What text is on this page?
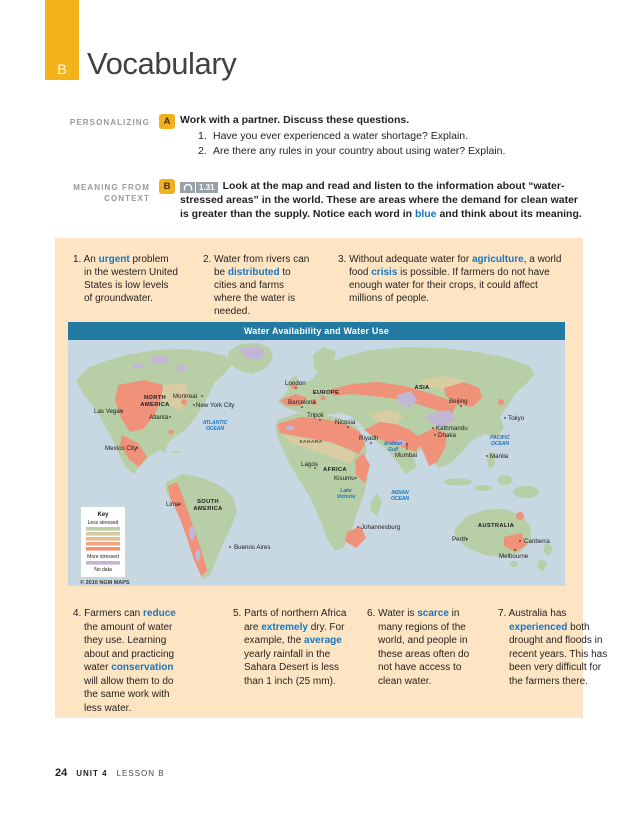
B Vocabulary
PERSONALIZING	A Work with a partner. Discuss these questions.
1. Have you ever experienced a water shortage? Explain.
2. Are there any rules in your country about using water? Explain.
MEANING FROM
CONTEXT
B	1.31 Look at the map and read and listen to the information about “water-stressed areas” in the world. These are areas where the demand for clean water is greater than the supply. Notice each word in blue and think about its meaning.
1. An urgent problem in the western United States is low levels of groundwater.
2. Water from rivers can be distributed to cities and farms where the water is needed.
3. Without adequate water for agriculture, a world food crisis is possible. If farmers do not have enough water for their crops, it could affect millions of people.
Water Availability and Water Use
NORTH
AMERICA
EUROPE
ASIA
SAHARA
AFRICA
SOUTH
AMERICA
AUSTRALIA
ATLANTIC
OCEAN
PACIFIC
OCEAN
INDIAN
OCEAN
Arabian
Gulf
Lake
Victoria
Montreal
New York City
Las Vegas
Atlanta
Mexico City
London
Barcelona
Tripoli
Nicosia
Riyadh
Beijing
Tokyo
Manila
Kathmandu
Dhaka
Mumbai
Lagos
Kisumu
Johannesburg
Lima
Buenos Aires
Perth	Canberra
Melbourne
Key
Less stressed
More stressed
No data
© 2010 NGM MAPS
4. Farmers can reduce the amount of water they use. Learning about and practicing water conservation will allow them to do the same work with less water.
5. Parts of northern Africa are extremely dry. For example, the average yearly rainfall in the Sahara Desert is less than 1 inch (25 mm).
6. Water is scarce in many regions of the world, and people in these areas often do not have access to clean water.
7. Australia has experienced both drought and floods in recent years. This has been very difficult for the farmers there.
24 UNIT 4 LESSON B
